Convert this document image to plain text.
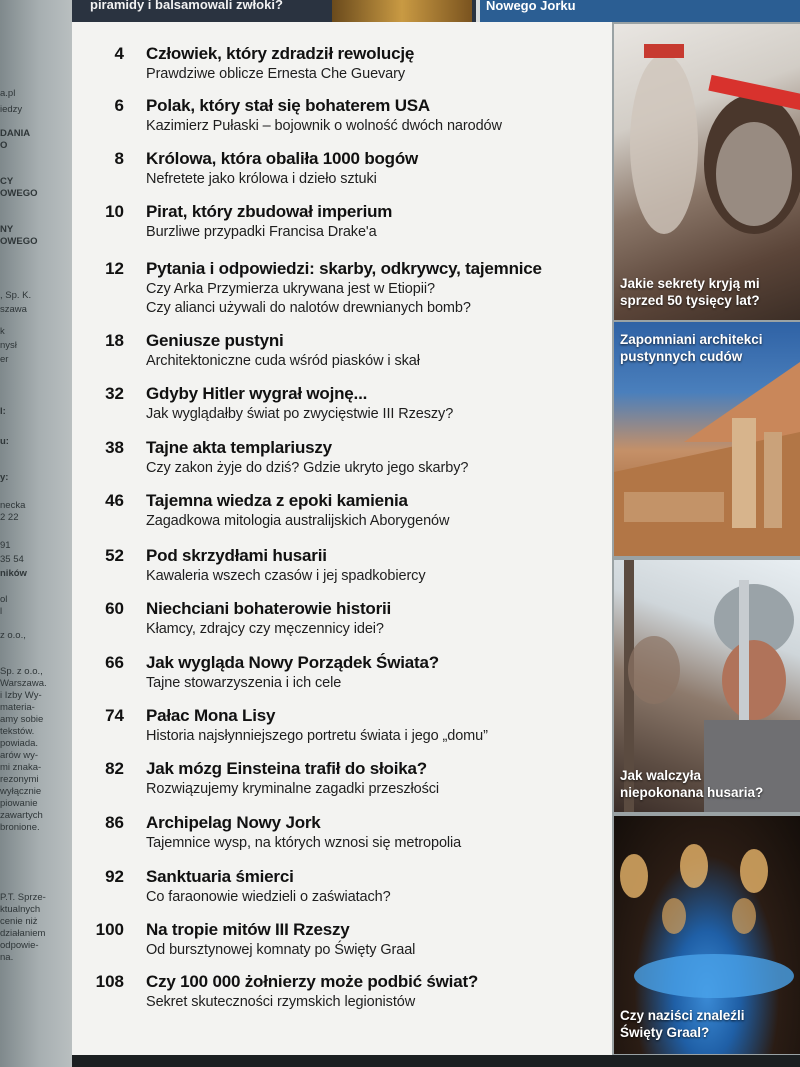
a.pl
iedzy
DANIA
O
CY
OWEGO
NY
OWEGO
, Sp. K.
szawa
k
nysł
er
l:
u:
y:
necka
2 22
91
35 54
ników
ol
l
z o.o.,
Sp. z o.o.,
Warszawa.
i Izby Wy-
materia-
amy sobie
tekstów.
powiada.
arów wy-
mi znaka-
rezonymi
wyłącznie
piowanie
zawartych
bronione.
P.T. Sprze-
ktualnych
cenie niż
działaniem
odpowie-
na.
piramidy i balsamowali zwłoki?	Nowego Jorku
4 Człowiek, który zdradził rewolucję
Prawdziwe oblicze Ernesta Che Guevary
6 Polak, który stał się bohaterem USA
Kazimierz Pułaski – bojownik o wolność dwóch narodów
8 Królowa, która obaliła 1000 bogów
Nefretete jako królowa i dzieło sztuki
10 Pirat, który zbudował imperium
Burzliwe przypadki Francisa Drake'a
12 Pytania i odpowiedzi: skarby, odkrywcy, tajemnice
Czy Arka Przymierza ukrywana jest w Etiopii?
Czy alianci używali do nalotów drewnianych bomb?
18 Geniusze pustyni
Architektoniczne cuda wśród piasków i skał
32 Gdyby Hitler wygrał wojnę...
Jak wyglądałby świat po zwycięstwie III Rzeszy?
38 Tajne akta templariuszy
Czy zakon żyje do dziś? Gdzie ukryto jego skarby?
46 Tajemna wiedza z epoki kamienia
Zagadkowa mitologia australijskich Aborygenów
52 Pod skrzydłami husarii
Kawaleria wszech czasów i jej spadkobiercy
60 Niechciani bohaterowie historii
Kłamcy, zdrajcy czy męczennicy idei?
66 Jak wygląda Nowy Porządek Świata?
Tajne stowarzyszenia i ich cele
74 Pałac Mona Lisy
Historia najsłynniejszego portretu świata i jego „domu”
82 Jak mózg Einsteina trafił do słoika?
Rozwiązujemy kryminalne zagadki przeszłości
86 Archipelag Nowy Jork
Tajemnice wysp, na których wznosi się metropolia
92 Sanktuaria śmierci
Co faraonowie wiedzieli o zaświatach?
100 Na tropie mitów III Rzeszy
Od bursztynowej komnaty po Święty Graal
108 Czy 100 000 żołnierzy może podbić świat?
Sekret skuteczności rzymskich legionistów
Jakie sekrety kryją mi
sprzed 50 tysięcy lat?
Zapomniani architekci
pustynnych cudów
Jak walczyła
niepokonana husaria?
Czy naziści znaleźli
Święty Graal?
